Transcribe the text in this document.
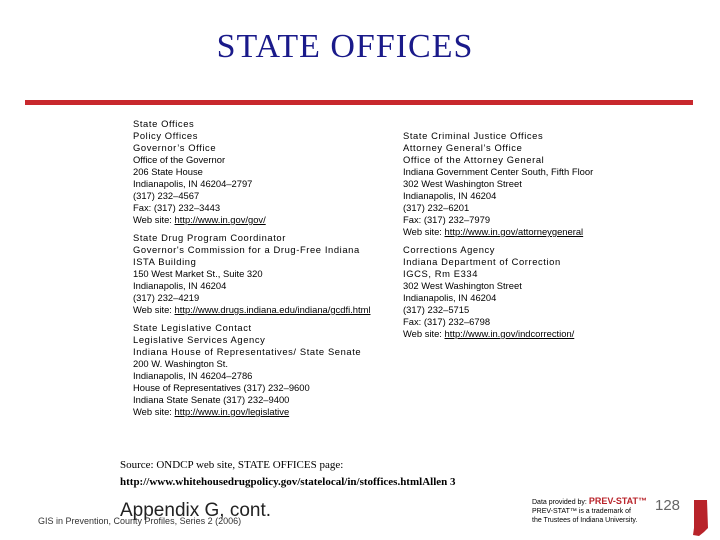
STATE OFFICES
State Offices
Policy Offices
Governor’s Office
Office of the Governor
206 State House
Indianapolis, IN 46204–2797
(317) 232–4567
Fax: (317) 232–3443
Web site: http://www.in.gov/gov/
State Drug Program Coordinator
Governor's Commission for a Drug-Free Indiana
ISTA Building
150 West Market St., Suite 320
Indianapolis, IN 46204
(317) 232–4219
Web site: http://www.drugs.indiana.edu/indiana/gcdfi.html
State Legislative Contact
Legislative Services Agency
Indiana House of Representatives/ State Senate
200 W. Washington St.
Indianapolis, IN 46204–2786
House of Representatives (317) 232–9600
Indiana State Senate (317) 232–9400
Web site: http://www.in.gov/legislative
State Criminal Justice Offices
Attorney General’s Office
Office of the Attorney General
Indiana Government Center South, Fifth Floor
302 West Washington Street
Indianapolis, IN 46204
(317) 232–6201
Fax: (317) 232–7979
Web site: http://www.in.gov/attorneygeneral
Corrections Agency
Indiana Department of Correction
IGCS, Rm E334
302 West Washington Street
Indianapolis, IN 46204
(317) 232–5715
Fax: (317) 232–6798
Web site: http://www.in.gov/indcorrection/
Source: ONDCP web site, STATE OFFICES page:
http://www.whitehousedrugpolicy.gov/statelocal/in/stoffices.htmlAllen 3
GIS in Prevention, County Profiles, Series 2 (2006)
Appendix G, cont.	Data provided by: PREV-STAT™
PREV-STAT™ is a trademark of
the Trustees of Indiana University.
128
